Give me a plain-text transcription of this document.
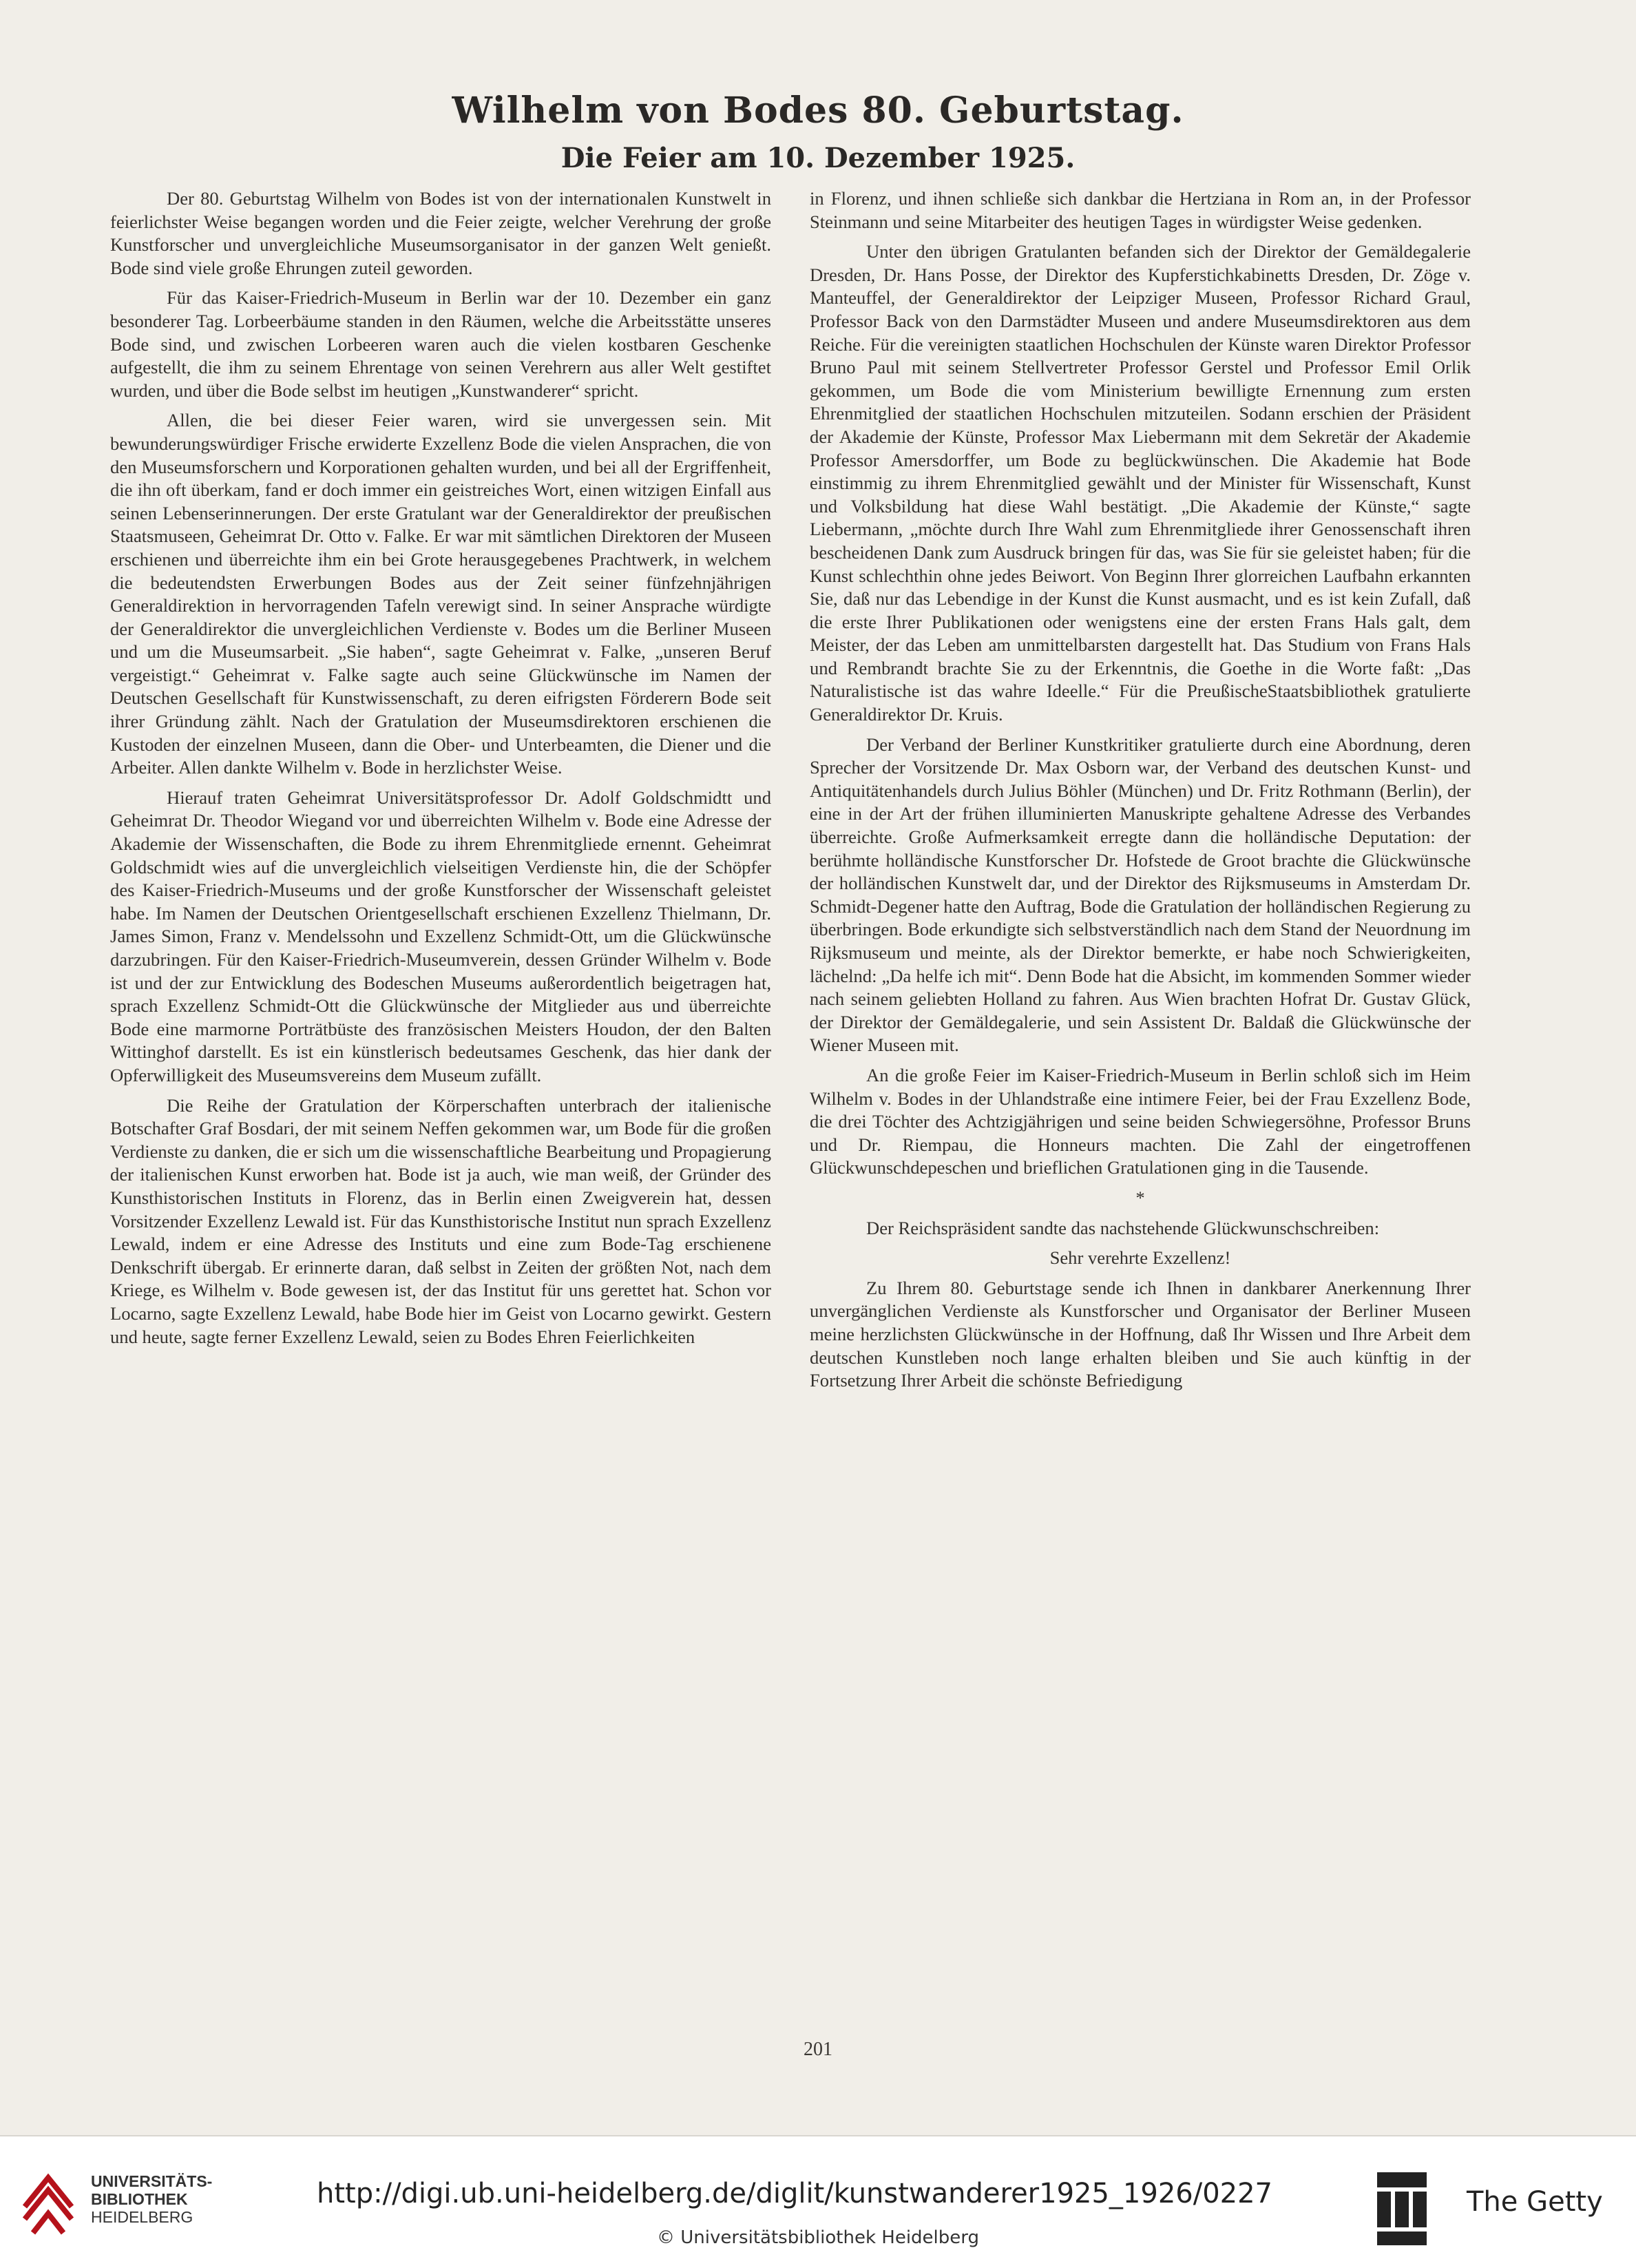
Wilhelm von Bodes 80. Geburtstag.
Die Feier am 10. Dezember 1925.

Der 80. Geburtstag Wilhelm von Bodes ist von der internationalen Kunstwelt in feierlichster Weise begangen worden und die Feier zeigte, welcher Verehrung der große Kunstforscher und unvergleichliche Museumsorganisator in der ganzen Welt genießt. Bode sind viele große Ehrungen zuteil geworden.

Für das Kaiser-Friedrich-Museum in Berlin war der 10. Dezember ein ganz besonderer Tag. Lorbeerbäume standen in den Räumen, welche die Arbeitsstätte unseres Bode sind, und zwischen Lorbeeren waren auch die vielen kostbaren Geschenke aufgestellt, die ihm zu seinem Ehrentage von seinen Verehrern aus aller Welt gestiftet wurden, und über die Bode selbst im heutigen „Kunstwanderer“ spricht.

Allen, die bei dieser Feier waren, wird sie unvergessen sein. Mit bewunderungswürdiger Frische erwiderte Exzellenz Bode die vielen Ansprachen, die von den Museumsforschern und Korporationen gehalten wurden, und bei all der Ergriffenheit, die ihn oft überkam, fand er doch immer ein geistreiches Wort, einen witzigen Einfall aus seinen Lebenserinnerungen. Der erste Gratulant war der Generaldirektor der preußischen Staatsmuseen, Geheimrat Dr. Otto v. Falke. Er war mit sämtlichen Direktoren der Museen erschienen und überreichte ihm ein bei Grote herausgegebenes Prachtwerk, in welchem die bedeutendsten Erwerbungen Bodes aus der Zeit seiner fünfzehnjährigen Generaldirektion in hervorragenden Tafeln verewigt sind. In seiner Ansprache würdigte der Generaldirektor die unvergleichlichen Verdienste v. Bodes um die Berliner Museen und um die Museumsarbeit. „Sie haben“, sagte Geheimrat v. Falke, „unseren Beruf vergeistigt.“ Geheimrat v. Falke sagte auch seine Glückwünsche im Namen der Deutschen Gesellschaft für Kunstwissenschaft, zu deren eifrigsten Förderern Bode seit ihrer Gründung zählt. Nach der Gratulation der Museumsdirektoren erschienen die Kustoden der einzelnen Museen, dann die Ober- und Unterbeamten, die Diener und die Arbeiter. Allen dankte Wilhelm v. Bode in herzlichster Weise.

Hierauf traten Geheimrat Universitätsprofessor Dr. Adolf Goldschmidtt und Geheimrat Dr. Theodor Wiegand vor und überreichten Wilhelm v. Bode eine Adresse der Akademie der Wissenschaften, die Bode zu ihrem Ehrenmitgliede ernennt. Geheimrat Goldschmidt wies auf die unvergleichlich vielseitigen Verdienste hin, die der Schöpfer des Kaiser-Friedrich-Museums und der große Kunstforscher der Wissenschaft geleistet habe. Im Namen der Deutschen Orientgesellschaft erschienen Exzellenz Thielmann, Dr. James Simon, Franz v. Mendelssohn und Exzellenz Schmidt-Ott, um die Glückwünsche darzubringen. Für den Kaiser-Friedrich-Museumverein, dessen Gründer Wilhelm v. Bode ist und der zur Entwicklung des Bodeschen Museums außerordentlich beigetragen hat, sprach Exzellenz Schmidt-Ott die Glückwünsche der Mitglieder aus und überreichte Bode eine marmorne Porträtbüste des französischen Meisters Houdon, der den Balten Wittinghof darstellt. Es ist ein künstlerisch bedeutsames Geschenk, das hier dank der Opferwilligkeit des Museumsvereins dem Museum zufällt.

Die Reihe der Gratulation der Körperschaften unterbrach der italienische Botschafter Graf Bosdari, der mit seinem Neffen gekommen war, um Bode für die großen Verdienste zu danken, die er sich um die wissenschaftliche Bearbeitung und Propagierung der italienischen Kunst erworben hat. Bode ist ja auch, wie man weiß, der Gründer des Kunsthistorischen Instituts in Florenz, das in Berlin einen Zweigverein hat, dessen Vorsitzender Exzellenz Lewald ist. Für das Kunsthistorische Institut nun sprach Exzellenz Lewald, indem er eine Adresse des Instituts und eine zum Bode-Tag erschienene Denkschrift übergab. Er erinnerte daran, daß selbst in Zeiten der größten Not, nach dem Kriege, es Wilhelm v. Bode gewesen ist, der das Institut für uns gerettet hat. Schon vor Locarno, sagte Exzellenz Lewald, habe Bode hier im Geist von Locarno gewirkt. Gestern und heute, sagte ferner Exzellenz Lewald, seien zu Bodes Ehren Feierlichkeiten

in Florenz, und ihnen schließe sich dankbar die Hertziana in Rom an, in der Professor Steinmann und seine Mitarbeiter des heutigen Tages in würdigster Weise gedenken.

Unter den übrigen Gratulanten befanden sich der Direktor der Gemäldegalerie Dresden, Dr. Hans Posse, der Direktor des Kupferstichkabinetts Dresden, Dr. Zöge v. Manteuffel, der Generaldirektor der Leipziger Museen, Professor Richard Graul, Professor Back von den Darmstädter Museen und andere Museumsdirektoren aus dem Reiche. Für die vereinigten staatlichen Hochschulen der Künste waren Direktor Professor Bruno Paul mit seinem Stellvertreter Professor Gerstel und Professor Emil Orlik gekommen, um Bode die vom Ministerium bewilligte Ernennung zum ersten Ehrenmitglied der staatlichen Hochschulen mitzuteilen. Sodann erschien der Präsident der Akademie der Künste, Professor Max Liebermann mit dem Sekretär der Akademie Professor Amersdorffer, um Bode zu beglückwünschen. Die Akademie hat Bode einstimmig zu ihrem Ehrenmitglied gewählt und der Minister für Wissenschaft, Kunst und Volksbildung hat diese Wahl bestätigt. „Die Akademie der Künste,“ sagte Liebermann, „möchte durch Ihre Wahl zum Ehrenmitgliede ihrer Genossenschaft ihren bescheidenen Dank zum Ausdruck bringen für das, was Sie für sie geleistet haben; für die Kunst schlechthin ohne jedes Beiwort. Von Beginn Ihrer glorreichen Laufbahn erkannten Sie, daß nur das Lebendige in der Kunst die Kunst ausmacht, und es ist kein Zufall, daß die erste Ihrer Publikationen oder wenigstens eine der ersten Frans Hals galt, dem Meister, der das Leben am unmittelbarsten dargestellt hat. Das Studium von Frans Hals und Rembrandt brachte Sie zu der Erkenntnis, die Goethe in die Worte faßt: „Das Naturalistische ist das wahre Ideelle.“ Für die PreußischeStaatsbibliothek gratulierte Generaldirektor Dr. Kruis.

Der Verband der Berliner Kunstkritiker gratulierte durch eine Abordnung, deren Sprecher der Vorsitzende Dr. Max Osborn war, der Verband des deutschen Kunst- und Antiquitätenhandels durch Julius Böhler (München) und Dr. Fritz Rothmann (Berlin), der eine in der Art der frühen illuminierten Manuskripte gehaltene Adresse des Verbandes überreichte. Große Aufmerksamkeit erregte dann die holländische Deputation: der berühmte holländische Kunstforscher Dr. Hofstede de Groot brachte die Glückwünsche der holländischen Kunstwelt dar, und der Direktor des Rijksmuseums in Amsterdam Dr. Schmidt-Degener hatte den Auftrag, Bode die Gratulation der holländischen Regierung zu überbringen. Bode erkundigte sich selbstverständlich nach dem Stand der Neuordnung im Rijksmuseum und meinte, als der Direktor bemerkte, er habe noch Schwierigkeiten, lächelnd: „Da helfe ich mit“. Denn Bode hat die Absicht, im kommenden Sommer wieder nach seinem geliebten Holland zu fahren. Aus Wien brachten Hofrat Dr. Gustav Glück, der Direktor der Gemäldegalerie, und sein Assistent Dr. Baldaß die Glückwünsche der Wiener Museen mit.

An die große Feier im Kaiser-Friedrich-Museum in Berlin schloß sich im Heim Wilhelm v. Bodes in der Uhlandstraße eine intimere Feier, bei der Frau Exzellenz Bode, die drei Töchter des Achtzigjährigen und seine beiden Schwiegersöhne, Professor Bruns und Dr. Riempau, die Honneurs machten. Die Zahl der eingetroffenen Glückwunschdepeschen und brieflichen Gratulationen ging in die Tausende.

*

Der Reichspräsident sandte das nachstehende Glückwunschschreiben:

Sehr verehrte Exzellenz!

Zu Ihrem 80. Geburtstage sende ich Ihnen in dankbarer Anerkennung Ihrer unvergänglichen Verdienste als Kunstforscher und Organisator der Berliner Museen meine herzlichsten Glückwünsche in der Hoffnung, daß Ihr Wissen und Ihre Arbeit dem deutschen Kunstleben noch lange erhalten bleiben und Sie auch künftig in der Fortsetzung Ihrer Arbeit die schönste Befriedigung

201
UNIVERSITÄTS-
BIBLIOTHEK
HEIDELBERG
http://digi.ub.uni-heidelberg.de/diglit/kunstwanderer1925_1926/0227
© Universitätsbibliothek Heidelberg
The Getty
